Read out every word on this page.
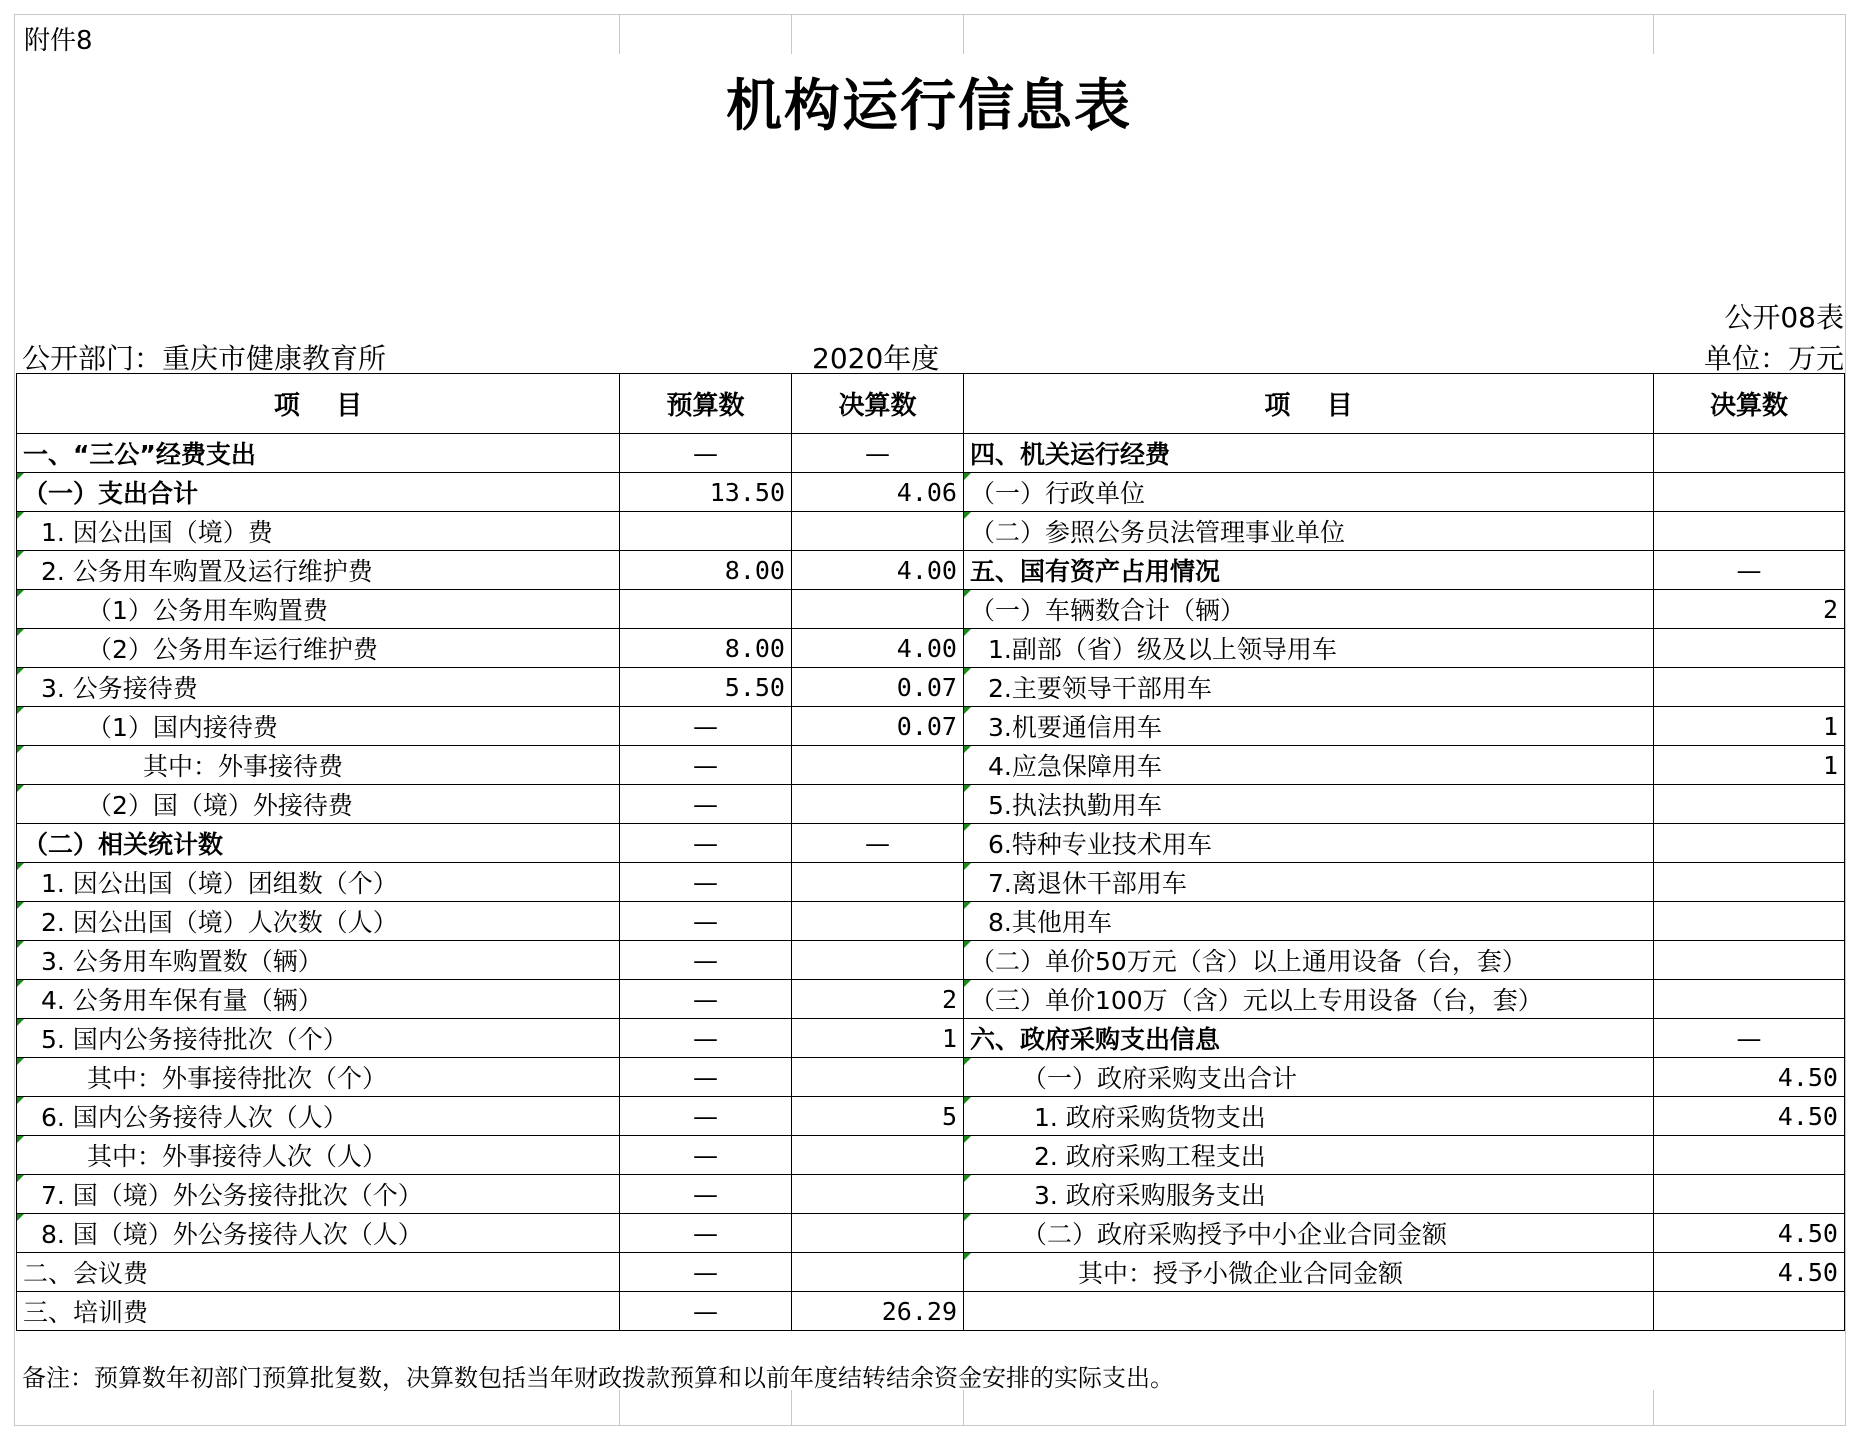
附件8
机构运行信息表
公开08表
公开部门：重庆市健康教育所	2020年度	单位：万元
项    目	预算数	决算数	项    目	决算数
一、“三公”经费支出	—	—	四、机关运行经费	
（一）支出合计	13.50	4.06	（一）行政单位	
1. 因公出国（境）费			（二）参照公务员法管理事业单位	
2. 公务用车购置及运行维护费	8.00	4.00	五、国有资产占用情况	—
（1）公务用车购置费			（一）车辆数合计（辆）	2
（2）公务用车运行维护费	8.00	4.00	1.副部（省）级及以上领导用车	
3. 公务接待费	5.50	0.07	2.主要领导干部用车	
（1）国内接待费	—	0.07	3.机要通信用车	1
其中：外事接待费	—		4.应急保障用车	1
（2）国（境）外接待费	—		5.执法执勤用车	
（二）相关统计数	—	—	6.特种专业技术用车	
1. 因公出国（境）团组数（个）	—		7.离退休干部用车	
2. 因公出国（境）人次数（人）	—		8.其他用车	
3. 公务用车购置数（辆）	—		（二）单价50万元（含）以上通用设备（台，套）	
4. 公务用车保有量（辆）	—	2	（三）单价100万（含）元以上专用设备（台，套）	
5. 国内公务接待批次（个）	—	1	六、政府采购支出信息	—
其中：外事接待批次（个）	—		（一）政府采购支出合计	4.50
6. 国内公务接待人次（人）	—	5	1. 政府采购货物支出	4.50
其中：外事接待人次（人）	—		2. 政府采购工程支出	
7. 国（境）外公务接待批次（个）	—		3. 政府采购服务支出	
8. 国（境）外公务接待人次（人）	—		（二）政府采购授予中小企业合同金额	4.50
二、会议费	—		其中：授予小微企业合同金额	4.50
三、培训费	—	26.29		
备注：预算数年初部门预算批复数，决算数包括当年财政拨款预算和以前年度结转结余资金安排的实际支出。
